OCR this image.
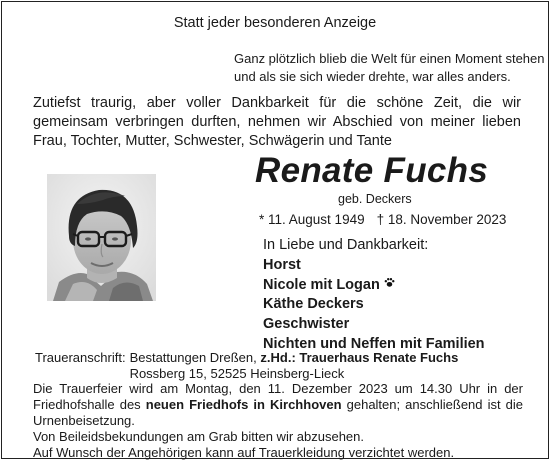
Statt jeder besonderen Anzeige
Ganz plötzlich blieb die Welt für einen Moment stehen
und als sie sich wieder drehte, war alles anders.
Zutiefst traurig, aber voller Dankbarkeit für die schöne Zeit, die wir gemeinsam verbringen durften, nehmen wir Abschied von meiner lieben Frau, Tochter, Mutter, Schwester, Schwägerin und Tante
Renate Fuchs
geb. Deckers
* 11. August 1949 † 18. November 2023
In Liebe und Dankbarkeit:
Horst
Nicole mit Logan
Käthe Deckers
Geschwister
Nichten und Neffen mit Familien
Traueranschrift:	Bestattungen Dreßen, z.Hd.: Trauerhaus Renate Fuchs
	Rossberg 15, 52525 Heinsberg-Lieck

Die Trauerfeier wird am Montag, den 11. Dezember 2023 um 14.30 Uhr in der Friedhofshalle des neuen Friedhofs in Kirchhoven gehalten; anschließend ist die Urnenbeisetzung.

Von Beileidsbekundungen am Grab bitten wir abzusehen.

Auf Wunsch der Angehörigen kann auf Trauerkleidung verzichtet werden.
